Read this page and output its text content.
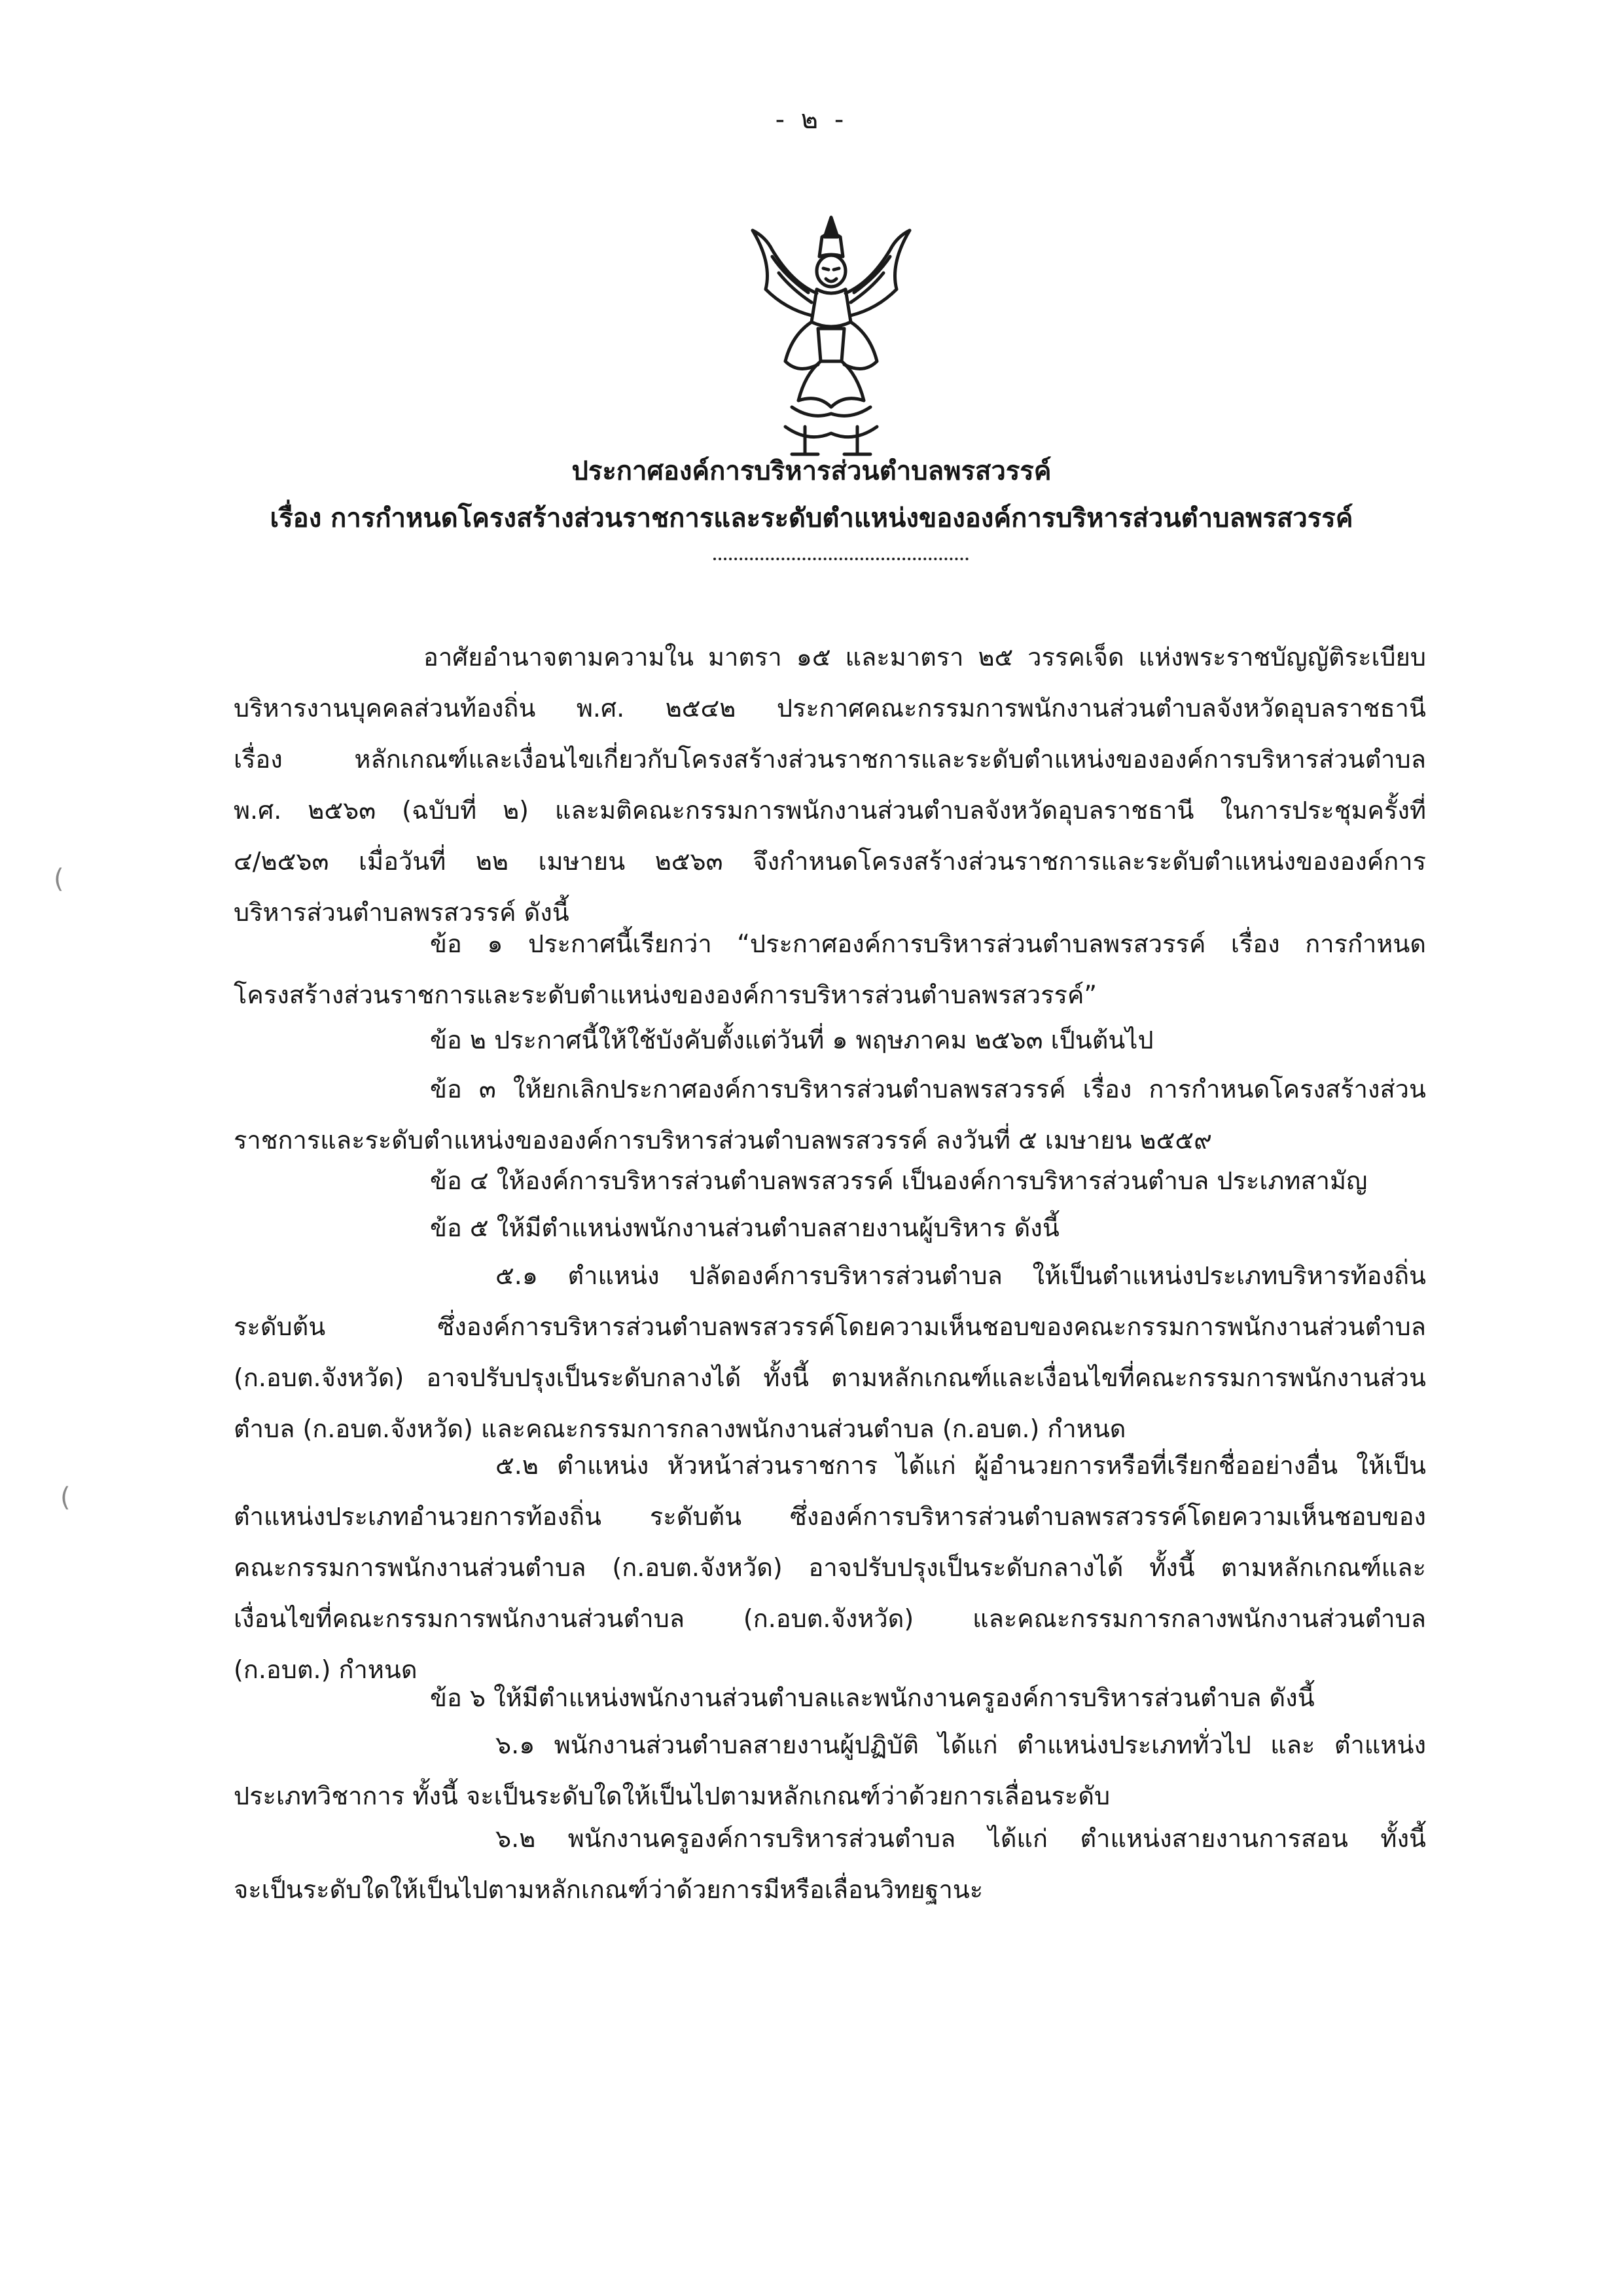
- ๒ -
ประกาศองค์การบริหารส่วนตำบลพรสวรรค์
เรื่อง การกำหนดโครงสร้างส่วนราชการและระดับตำแหน่งขององค์การบริหารส่วนตำบลพรสวรรค์
อาศัยอำนาจตามความใน มาตรา ๑๕ และมาตรา ๒๕ วรรคเจ็ด แห่งพระราชบัญญัติระเบียบ
บริหารงานบุคคลส่วนท้องถิ่น พ.ศ. ๒๕๔๒ ประกาศคณะกรรมการพนักงานส่วนตำบลจังหวัดอุบลราชธานี
เรื่อง หลักเกณฑ์และเงื่อนไขเกี่ยวกับโครงสร้างส่วนราชการและระดับตำแหน่งขององค์การบริหารส่วนตำบล
พ.ศ. ๒๕๖๓ (ฉบับที่ ๒) และมติคณะกรรมการพนักงานส่วนตำบลจังหวัดอุบลราชธานี ในการประชุมครั้งที่
๔/๒๕๖๓ เมื่อวันที่ ๒๒ เมษายน ๒๕๖๓ จึงกำหนดโครงสร้างส่วนราชการและระดับตำแหน่งขององค์การ
บริหารส่วนตำบลพรสวรรค์ ดังนี้
ข้อ ๑ ประกาศนี้เรียกว่า “ประกาศองค์การบริหารส่วนตำบลพรสวรรค์ เรื่อง การกำหนด
โครงสร้างส่วนราชการและระดับตำแหน่งขององค์การบริหารส่วนตำบลพรสวรรค์”
ข้อ ๒ ประกาศนี้ให้ใช้บังคับตั้งแต่วันที่ ๑ พฤษภาคม ๒๕๖๓ เป็นต้นไป
ข้อ ๓ ให้ยกเลิกประกาศองค์การบริหารส่วนตำบลพรสวรรค์ เรื่อง การกำหนดโครงสร้างส่วน
ราชการและระดับตำแหน่งขององค์การบริหารส่วนตำบลพรสวรรค์ ลงวันที่ ๕ เมษายน ๒๕๕๙
ข้อ ๔ ให้องค์การบริหารส่วนตำบลพรสวรรค์ เป็นองค์การบริหารส่วนตำบล ประเภทสามัญ
ข้อ ๕ ให้มีตำแหน่งพนักงานส่วนตำบลสายงานผู้บริหาร ดังนี้
๕.๑ ตำแหน่ง ปลัดองค์การบริหารส่วนตำบล ให้เป็นตำแหน่งประเภทบริหารท้องถิ่น
ระดับต้น ซึ่งองค์การบริหารส่วนตำบลพรสวรรค์โดยความเห็นชอบของคณะกรรมการพนักงานส่วนตำบล
(ก.อบต.จังหวัด) อาจปรับปรุงเป็นระดับกลางได้ ทั้งนี้ ตามหลักเกณฑ์และเงื่อนไขที่คณะกรรมการพนักงานส่วน
ตำบล (ก.อบต.จังหวัด) และคณะกรรมการกลางพนักงานส่วนตำบล (ก.อบต.) กำหนด
๕.๒ ตำแหน่ง หัวหน้าส่วนราชการ ได้แก่ ผู้อำนวยการหรือที่เรียกชื่ออย่างอื่น ให้เป็น
ตำแหน่งประเภทอำนวยการท้องถิ่น ระดับต้น ซึ่งองค์การบริหารส่วนตำบลพรสวรรค์โดยความเห็นชอบของ
คณะกรรมการพนักงานส่วนตำบล (ก.อบต.จังหวัด) อาจปรับปรุงเป็นระดับกลางได้ ทั้งนี้ ตามหลักเกณฑ์และ
เงื่อนไขที่คณะกรรมการพนักงานส่วนตำบล (ก.อบต.จังหวัด) และคณะกรรมการกลางพนักงานส่วนตำบล
(ก.อบต.) กำหนด
ข้อ ๖ ให้มีตำแหน่งพนักงานส่วนตำบลและพนักงานครูองค์การบริหารส่วนตำบล ดังนี้
๖.๑ พนักงานส่วนตำบลสายงานผู้ปฏิบัติ ได้แก่ ตำแหน่งประเภททั่วไป และ ตำแหน่ง
ประเภทวิชาการ ทั้งนี้ จะเป็นระดับใดให้เป็นไปตามหลักเกณฑ์ว่าด้วยการเลื่อนระดับ
๖.๒ พนักงานครูองค์การบริหารส่วนตำบล ได้แก่ ตำแหน่งสายงานการสอน ทั้งนี้
จะเป็นระดับใดให้เป็นไปตามหลักเกณฑ์ว่าด้วยการมีหรือเลื่อนวิทยฐานะ
(
(
